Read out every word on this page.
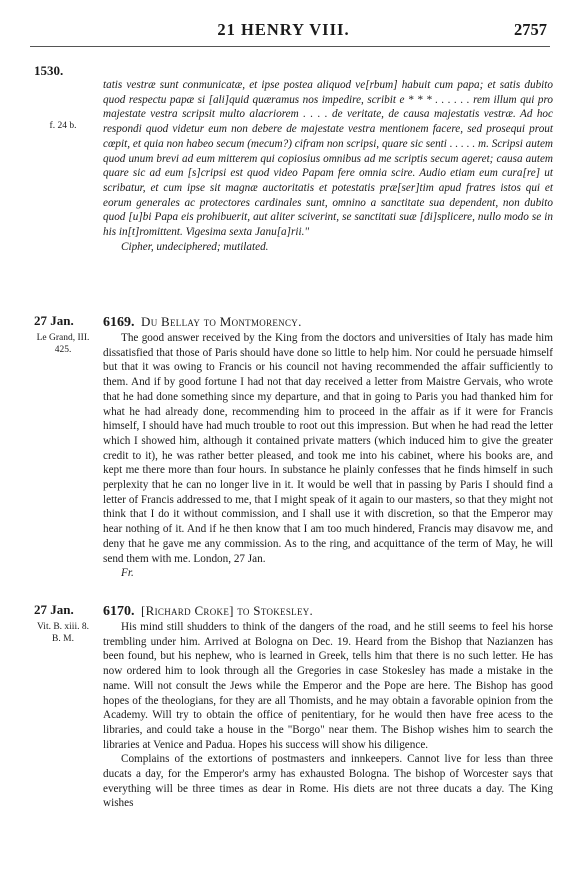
21 HENRY VIII.	2757
1530.
f. 24 b.

tatis vestræ sunt conmunicatæ, et ipse postea aliquod ve[rbum] habuit cum papa; et satis dubito quod respectu papæ si [ali]quid quæramus nos impedire, scribit e * * * . . . . . . rem illum qui pro majestate vestra scripsit multo alacriorem . . . . de veritate, de causa majestatis vestræ. Ad hoc respondi quod videtur eum non debere de majestate vestra mentionem facere, sed prosequi prout cœpit, et quia non habeo secum (mecum?) cifram non scripsi, quare sic senti . . . . . m. Scripsi autem quod unum brevi ad eum mitterem qui copiosius omnibus ad me scriptis secum ageret; causa autem quare sic ad eum [s]cripsi est quod video Papam fere omnia scire. Audio etiam eum cura[re] ut scribatur, et cum ipse sit magnæ auctoritatis et potestatis præ[ser]tim apud fratres istos qui et eorum generales ac protectores cardinales sunt, omnino a sanctitate sua dependent, non dubito quod [u]bi Papa eis prohibuerit, aut aliter sciverint, se sanctitati suæ [di]splicere, nullo modo se in his in[t]romittent. Vigesima sexta Janu[a]rii."

Cipher, undeciphered; mutilated.

27 Jan.
Le Grand, III. 425.
6169. Du Bellay to Montmorency.

The good answer received by the King from the doctors and universities of Italy has made him dissatisfied that those of Paris should have done so little to help him. Nor could he persuade himself but that it was owing to Francis or his council not having recommended the affair sufficiently to them. And if by good fortune I had not that day received a letter from Maistre Gervais, who wrote that he had done something since my departure, and that in going to Paris you had thanked him for what he had already done, recommending him to proceed in the affair as if it were for Francis himself, I should have had much trouble to root out this impression. But when he had read the letter which I showed him, although it contained private matters (which induced him to give the greater credit to it), he was rather better pleased, and took me into his cabinet, where his books are, and kept me there more than four hours. In substance he plainly confesses that he finds himself in such perplexity that he can no longer live in it. It would be well that in passing by Paris I should find a letter of Francis addressed to me, that I might speak of it again to our masters, so that they might not think that I do it without commission, and I shall use it with discretion, so that the Emperor may hear nothing of it. And if he then know that I am too much hindered, Francis may disavow me, and deny that he gave me any commission. As to the ring, and acquittance of the term of May, he will send them with me. London, 27 Jan.

Fr.

27 Jan.
Vit. B. xiii. 8. B. M.
6170. [Richard Croke] to Stokesley.

His mind still shudders to think of the dangers of the road, and he still seems to feel his horse trembling under him. Arrived at Bologna on Dec. 19. Heard from the Bishop that Nazianzen has been found, but his nephew, who is learned in Greek, tells him that there is no such letter. He has now ordered him to look through all the Gregories in case Stokesley has made a mistake in the name. Will not consult the Jews while the Emperor and the Pope are here. The Bishop has good hopes of the theologians, for they are all Thomists, and he may obtain a favorable opinion from the Academy. Will try to obtain the office of penitentiary, for he would then have free acess to the libraries, and could take a house in the "Borgo" near them. The Bishop wishes him to search the libraries at Venice and Padua. Hopes his success will show his diligence.

Complains of the extortions of postmasters and innkeepers. Cannot live for less than three ducats a day, for the Emperor's army has exhausted Bologna. The bishop of Worcester says that everything will be three times as dear in Rome. His diets are not three ducats a day. The King wishes
